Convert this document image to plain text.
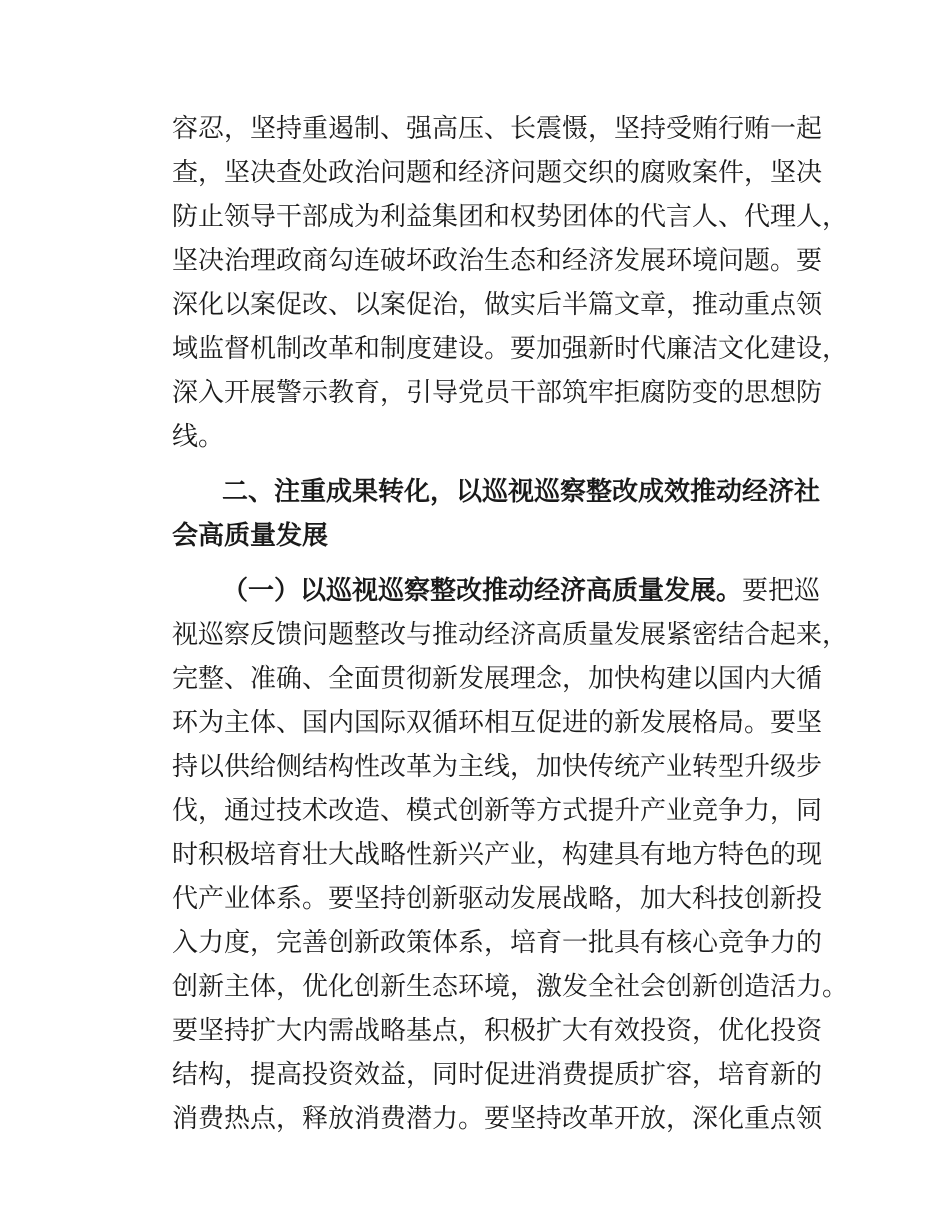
容忍，坚持重遏制、强高压、长震慑，坚持受贿行贿一起
查，坚决查处政治问题和经济问题交织的腐败案件，坚决
防止领导干部成为利益集团和权势团体的代言人、代理人，
坚决治理政商勾连破坏政治生态和经济发展环境问题。要
深化以案促改、以案促治，做实后半篇文章，推动重点领
域监督机制改革和制度建设。要加强新时代廉洁文化建设，
深入开展警示教育，引导党员干部筑牢拒腐防变的思想防
线。
二、注重成果转化，以巡视巡察整改成效推动经济社
会高质量发展
（一）以巡视巡察整改推动经济高质量发展。要把巡
视巡察反馈问题整改与推动经济高质量发展紧密结合起来，
完整、准确、全面贯彻新发展理念，加快构建以国内大循
环为主体、国内国际双循环相互促进的新发展格局。要坚
持以供给侧结构性改革为主线，加快传统产业转型升级步
伐，通过技术改造、模式创新等方式提升产业竞争力，同
时积极培育壮大战略性新兴产业，构建具有地方特色的现
代产业体系。要坚持创新驱动发展战略，加大科技创新投
入力度，完善创新政策体系，培育一批具有核心竞争力的
创新主体，优化创新生态环境，激发全社会创新创造活力。
要坚持扩大内需战略基点，积极扩大有效投资，优化投资
结构，提高投资效益，同时促进消费提质扩容，培育新的
消费热点，释放消费潜力。要坚持改革开放，深化重点领
